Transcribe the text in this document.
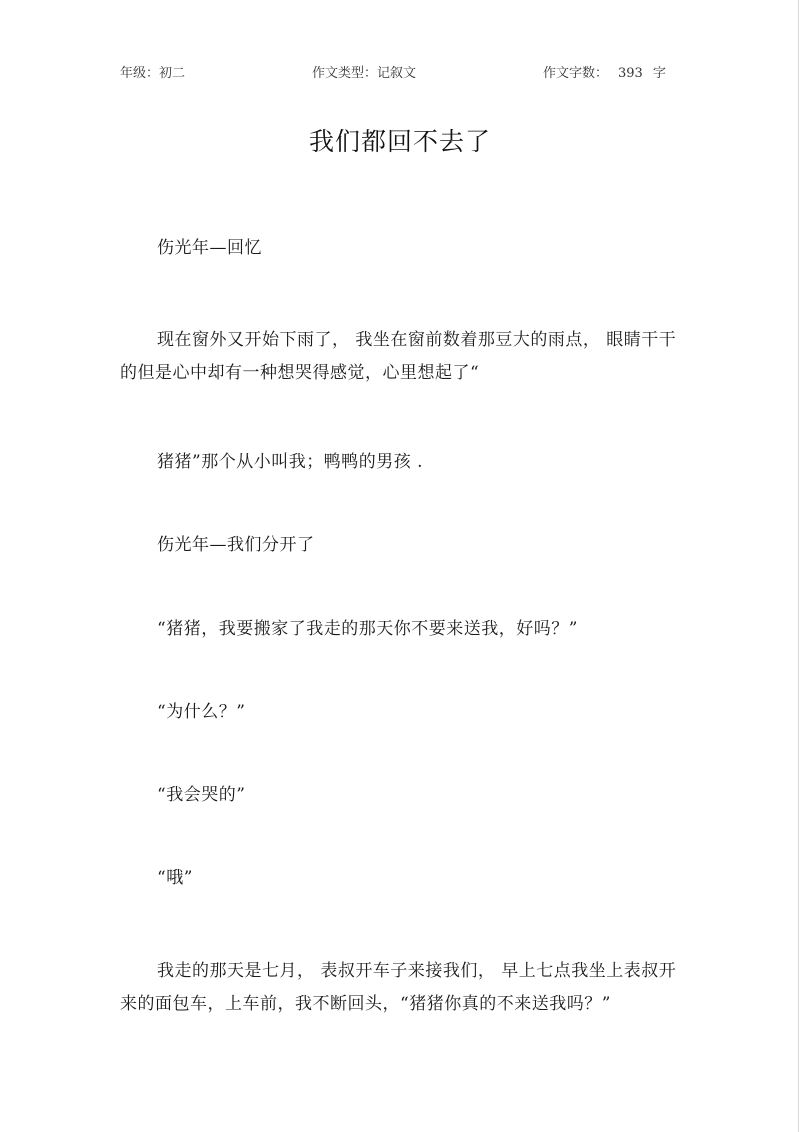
年级：初二	作文类型：记叙文	作文字数： 393 字
我们都回不去了
伤光年—回忆
现在窗外又开始下雨了， 我坐在窗前数着那豆大的雨点， 眼睛干干的但是心中却有一种想哭得感觉，心里想起了“
猪猪”那个从小叫我；鸭鸭的男孩 .
伤光年—我们分开了
“猪猪，我要搬家了我走的那天你不要来送我，好吗？”
“为什么？”
“我会哭的”
“哦”
我走的那天是七月， 表叔开车子来接我们， 早上七点我坐上表叔开来的面包车，上车前，我不断回头，“猪猪你真的不来送我吗？”
